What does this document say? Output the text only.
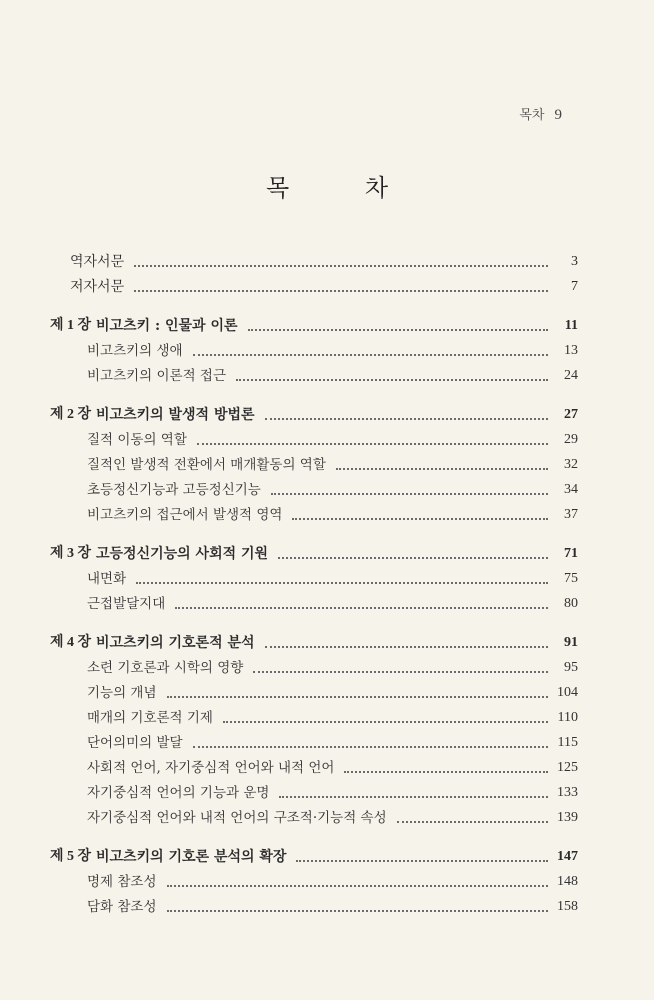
목차 9
목 차
역자서문	3
저자서문	7
제 1 장 비고츠키 : 인물과 이론	11
비고츠키의 생애	13
비고츠키의 이론적 접근	24
제 2 장 비고츠키의 발생적 방법론	27
질적 이동의 역할	29
질적인 발생적 전환에서 매개활동의 역할	32
초등정신기능과 고등정신기능	34
비고츠키의 접근에서 발생적 영역	37
제 3 장 고등정신기능의 사회적 기원	71
내면화	75
근접발달지대	80
제 4 장 비고츠키의 기호론적 분석	91
소련 기호론과 시학의 영향	95
기능의 개념	104
매개의 기호론적 기제	110
단어의미의 발달	115
사회적 언어, 자기중심적 언어와 내적 언어	125
자기중심적 언어의 기능과 운명	133
자기중심적 언어와 내적 언어의 구조적·기능적 속성	139
제 5 장 비고츠키의 기호론 분석의 확장	147
명제 참조성	148
담화 참조성	158
